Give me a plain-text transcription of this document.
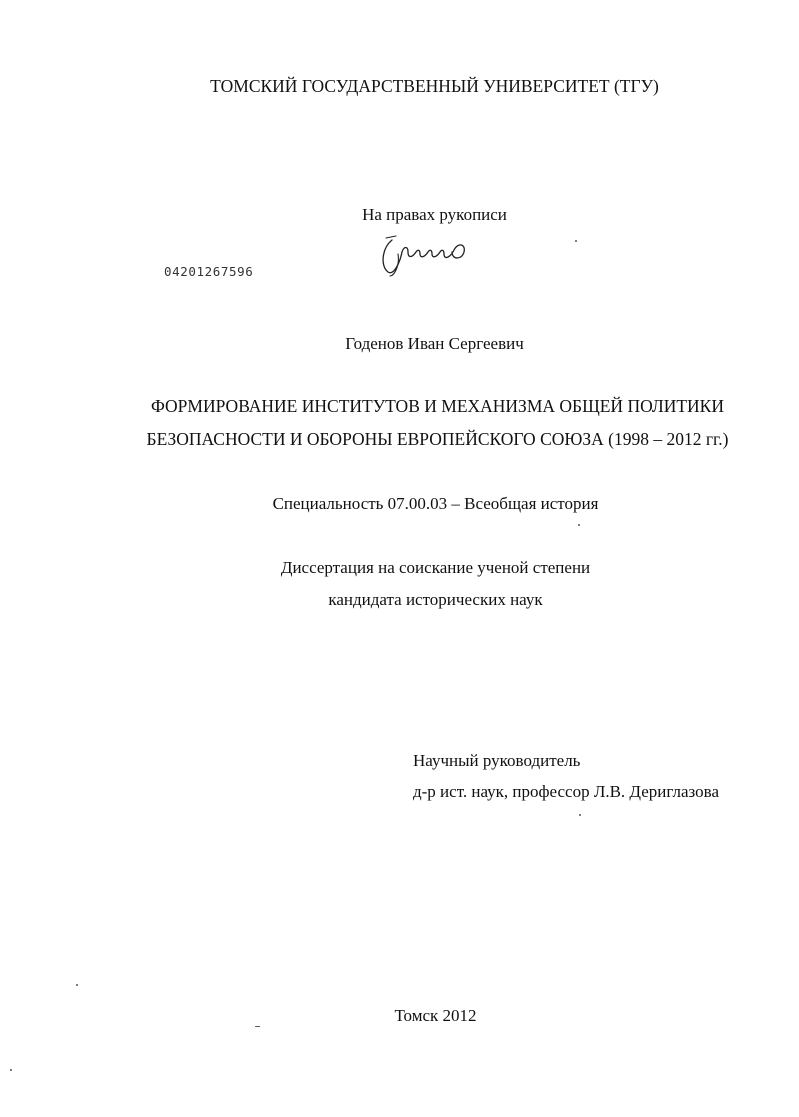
ТОМСКИЙ ГОСУДАРСТВЕННЫЙ УНИВЕРСИТЕТ (ТГУ)
На правах рукописи
04201267596
Годенов Иван Сергеевич
ФОРМИРОВАНИЕ ИНСТИТУТОВ И МЕХАНИЗМА ОБЩЕЙ ПОЛИТИКИ
БЕЗОПАСНОСТИ И ОБОРОНЫ ЕВРОПЕЙСКОГО СОЮЗА (1998 – 2012 гг.)
Специальность 07.00.03 – Всеобщая история
Диссертация на соискание ученой степени
кандидата исторических наук
Научный руководитель
д-р ист. наук, профессор Л.В. Дериглазова
Томск 2012
